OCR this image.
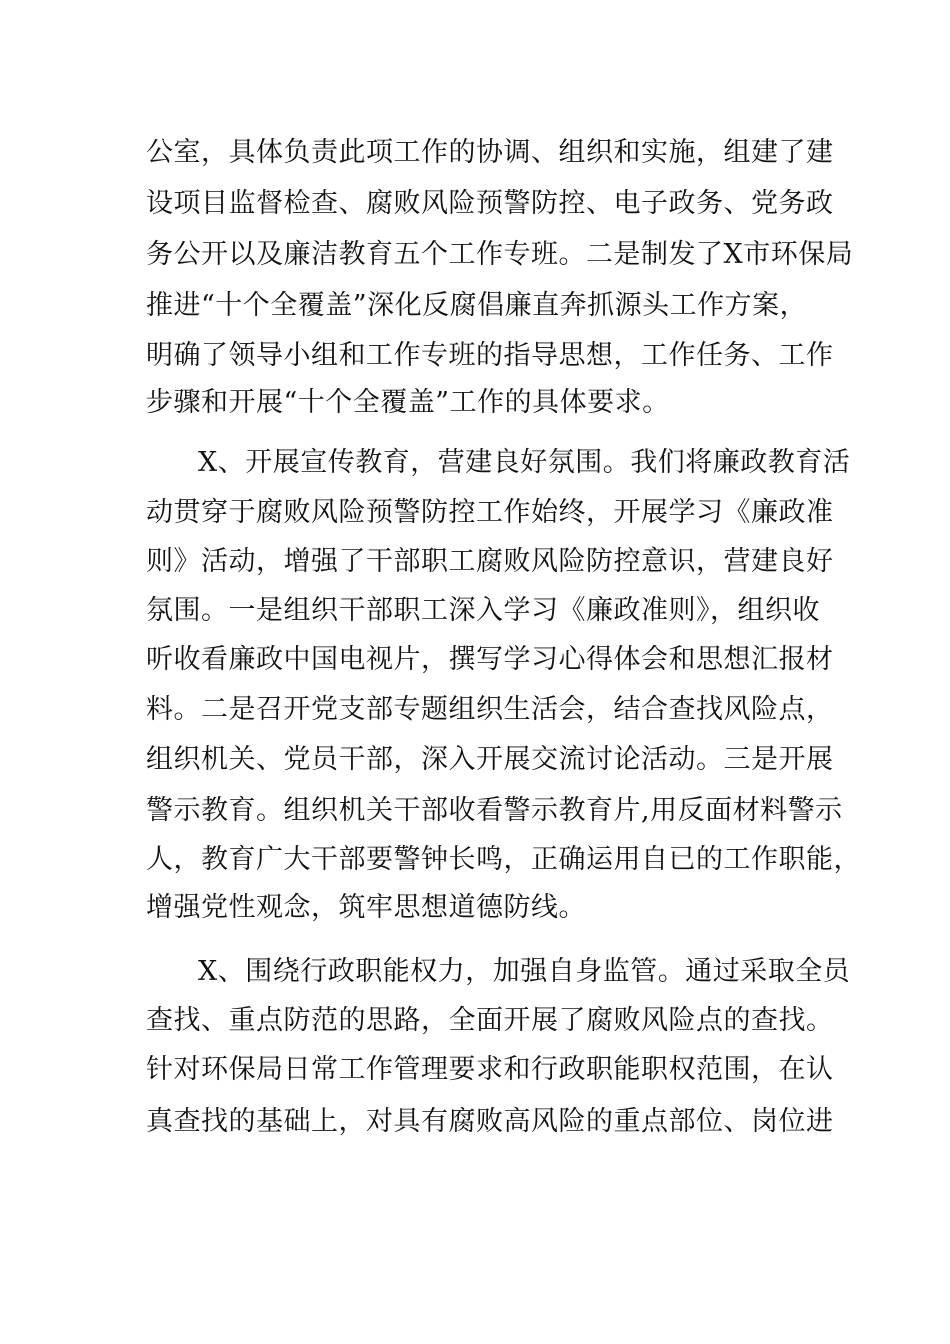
公室，具体负责此项工作的协调、组织和实施，组建了建
设项目监督检查、腐败风险预警防控、电子政务、党务政
务公开以及廉洁教育五个工作专班。二是制发了X市环保局
推进“十个全覆盖”深化反腐倡廉直奔抓源头工作方案，
明确了领导小组和工作专班的指导思想，工作任务、工作
步骤和开展“十个全覆盖”工作的具体要求。
X、开展宣传教育，营建良好氛围。我们将廉政教育活
动贯穿于腐败风险预警防控工作始终，开展学习《廉政准
则》活动，增强了干部职工腐败风险防控意识，营建良好
氛围。一是组织干部职工深入学习《廉政准则》，组织收
听收看廉政中国电视片，撰写学习心得体会和思想汇报材
料。二是召开党支部专题组织生活会，结合查找风险点，
组织机关、党员干部，深入开展交流讨论活动。三是开展
警示教育。组织机关干部收看警示教育片,用反面材料警示
人，教育广大干部要警钟长鸣，正确运用自已的工作职能，
增强党性观念，筑牢思想道德防线。
X、围绕行政职能权力，加强自身监管。通过采取全员
查找、重点防范的思路，全面开展了腐败风险点的查找。
针对环保局日常工作管理要求和行政职能职权范围，在认
真查找的基础上，对具有腐败高风险的重点部位、岗位进
